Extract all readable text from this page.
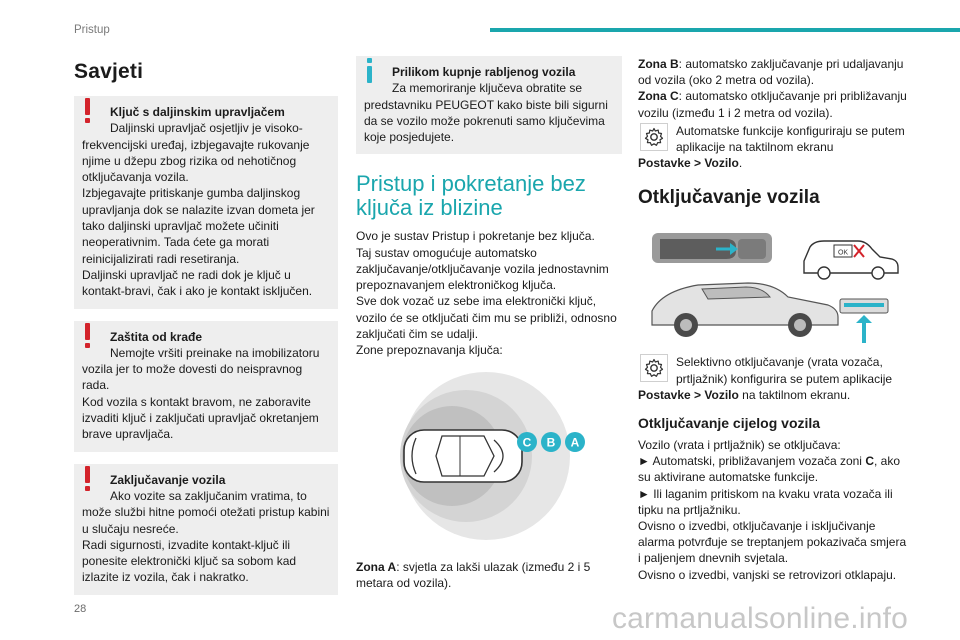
Pristup
Savjeti
Ključ s daljinskim upravljačem
Daljinski upravljač osjetljiv je visoko-

frekvencijski uređaj, izbjegavajte rukovanje njime u džepu zbog rizika od nehotičnog otključavanja vozila.

Izbjegavajte pritiskanje gumba daljinskog upravljanja dok se nalazite izvan dometa jer tako daljinski upravljač možete učiniti neoperativnim. Tada ćete ga morati reinicijalizirati radi resetiranja.

Daljinski upravljač ne radi dok je ključ u kontakt-bravi, čak i ako je kontakt isključen.

Zaštita od krađe
Nemojte vršiti preinake na imobilizatoru

vozila jer to može dovesti do neispravnog rada.

Kod vozila s kontakt bravom, ne zaboravite izvaditi ključ i zaključati upravljač okretanjem brave upravljača.

Zaključavanje vozila
Ako vozite sa zaključanim vratima, to

može službi hitne pomoći otežati pristup kabini u slučaju nesreće.

Radi sigurnosti, izvadite kontakt-ključ ili ponesite elektronički ključ sa sobom kad izlazite iz vozila, čak i nakratko.

Prilikom kupnje rabljenog vozila
Za memoriranje ključeva obratite se

predstavniku PEUGEOT kako biste bili sigurni da se vozilo može pokrenuti samo ključevima koje posjedujete.

Pristup i pokretanje bez ključa iz blizine

Ovo je sustav Pristup i pokretanje bez ključa.

Taj sustav omogućuje automatsko zaključavanje/otključavanje vozila jednostavnim prepoznavanjem elektroničkog ključa.

Sve dok vozač uz sebe ima elektronički ključ, vozilo će se otključati čim mu se približi, odnosno zaključati čim se udalji.

Zone prepoznavanja ključa:

C B A

Zona A: svjetla za lakši ulazak (između 2 i 5 metara od vozila).

Zona B: automatsko zaključavanje pri udaljavanju od vozila (oko 2 metra od vozila).

Zona C: automatsko otključavanje pri približavanju vozilu (između 1 i 2 metra od vozila).

Automatske funkcije konfiguriraju se putem aplikacije na taktilnom ekranu
Postavke > Vozilo.
Otključavanje vozila
OK
Selektivno otključavanje (vrata vozača, prtljažnik) konfigurira se putem aplikacije
Postavke > Vozilo na taktilnom ekranu.
Otključavanje cijelog vozila

Vozilo (vrata i prtljažnik) se otključava:

► Automatski, približavanjem vozača zoni C, ako su aktivirane automatske funkcije.

► Ili laganim pritiskom na kvaku vrata vozača ili tipku na prtljažniku.

Ovisno o izvedbi, otključavanje i isključivanje alarma potvrđuje se treptanjem pokazivača smjera i paljenjem dnevnih svjetala.

Ovisno o izvedbi, vanjski se retrovizori otklapaju.

28	carmanualsonline.info
